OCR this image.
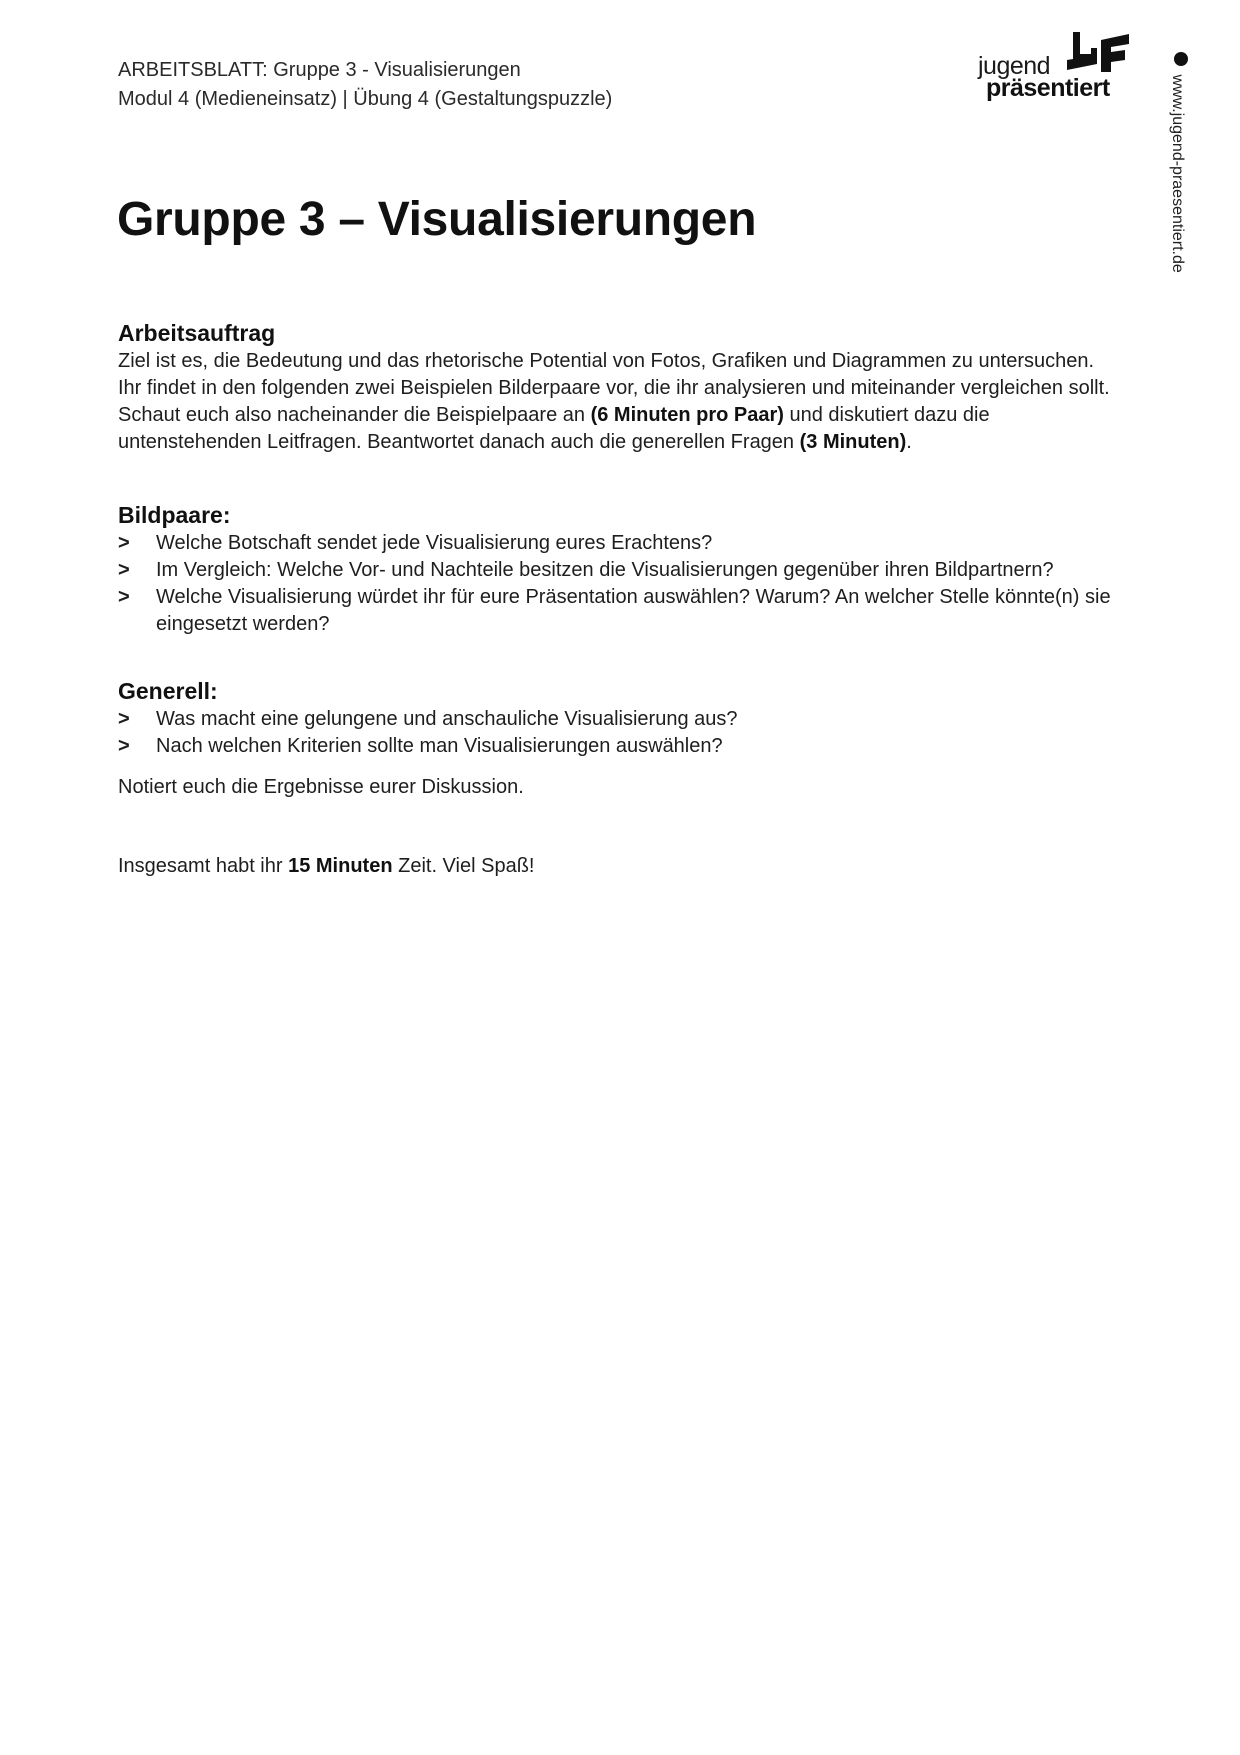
ARBEITSBLATT: Gruppe 3 - Visualisierungen
Modul 4 (Medieneinsatz) | Übung 4 (Gestaltungspuzzle)
jugend
präsentiert	www.jugend-praesentiert.de
Gruppe 3 – Visualisierungen
Arbeitsauftrag

Ziel ist es, die Bedeutung und das rhetorische Potential von Fotos, Grafiken und Diagrammen zu untersuchen. Ihr findet in den folgenden zwei Beispielen Bilderpaare vor, die ihr analysieren und miteinander vergleichen sollt. Schaut euch also nacheinander die Beispielpaare an (6 Minuten pro Paar) und diskutiert dazu die untenstehenden Leitfragen. Beantwortet danach auch die generellen Fragen (3 Minuten).

Bildpaare:
> Welche Botschaft sendet jede Visualisierung eures Erachtens?
> Im Vergleich: Welche Vor- und Nachteile besitzen die Visualisierungen gegenüber ihren Bildpartnern?
> Welche Visualisierung würdet ihr für eure Präsentation auswählen? Warum? An welcher Stelle könnte(n) sie eingesetzt werden?
Generell:
> Was macht eine gelungene und anschauliche Visualisierung aus?
> Nach welchen Kriterien sollte man Visualisierungen auswählen?

Notiert euch die Ergebnisse eurer Diskussion.

Insgesamt habt ihr 15 Minuten Zeit. Viel Spaß!
